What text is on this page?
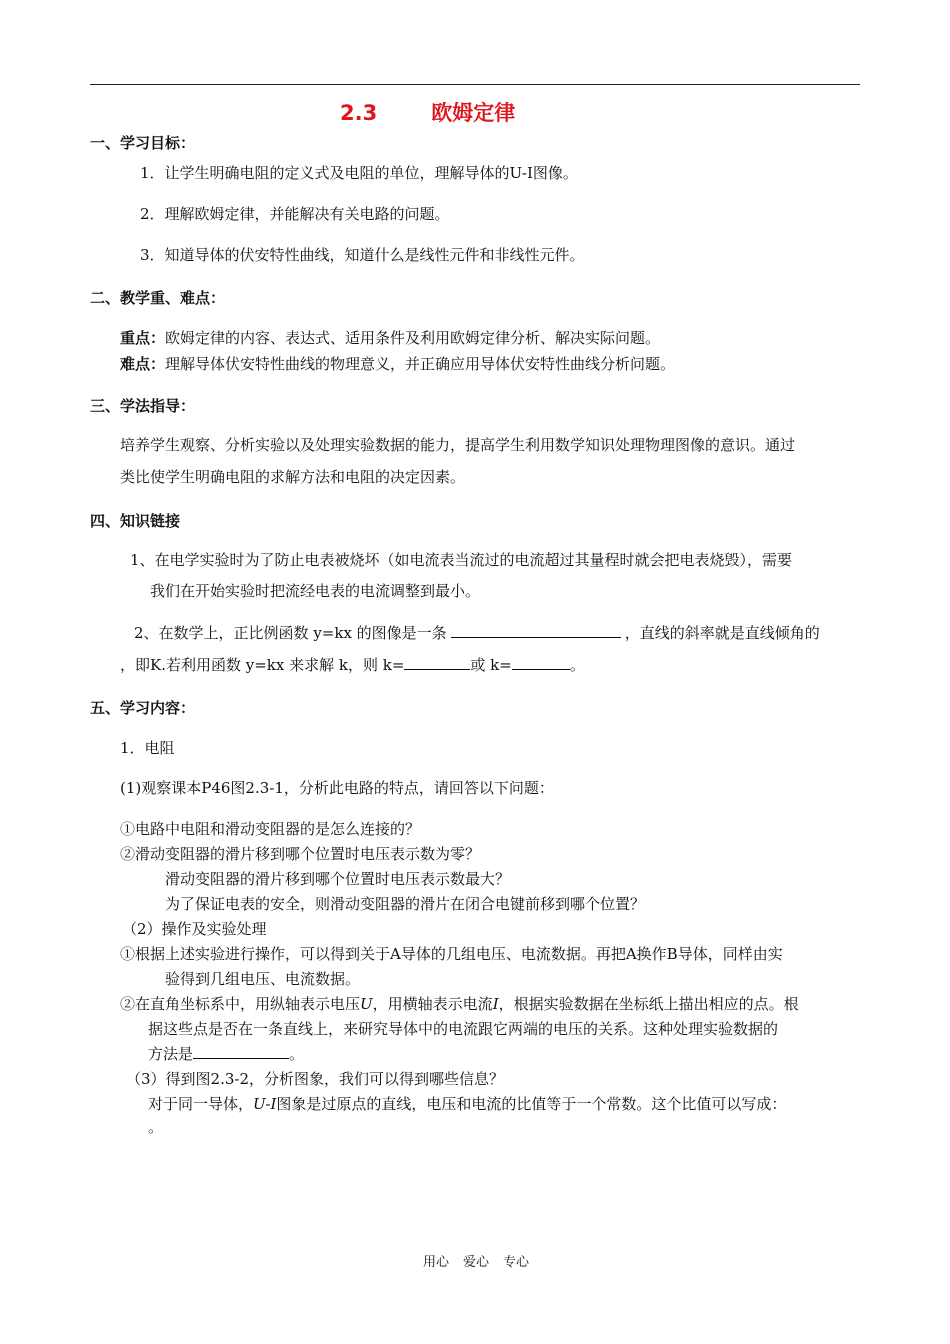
2.3	欧姆定律
一、学习目标：
1．让学生明确电阻的定义式及电阻的单位，理解导体的U-I图像。
2．理解欧姆定律，并能解决有关电路的问题。
3．知道导体的伏安特性曲线，知道什么是线性元件和非线性元件。
二、教学重、难点：
重点：欧姆定律的内容、表达式、适用条件及利用欧姆定律分析、解决实际问题。
难点：理解导体伏安特性曲线的物理意义，并正确应用导体伏安特性曲线分析问题。
三、学法指导：
培养学生观察、分析实验以及处理实验数据的能力，提高学生利用数学知识处理物理图像的意识。通过
类比使学生明确电阻的求解方法和电阻的决定因素。
四、知识链接
1、在电学实验时为了防止电表被烧坏（如电流表当流过的电流超过其量程时就会把电表烧毁），需要
我们在开始实验时把流经电表的电流调整到最小。
2、在数学上，正比例函数 y=kx 的图像是一条	，直线的斜率就是直线倾角的
，即K.若利用函数 y=kx 来求解 k，则 k=	或 k=	。
五、学习内容：
1．电阻
(1)观察课本P46图2.3-1，分析此电路的特点，请回答以下问题：
①电路中电阻和滑动变阻器的是怎么连接的？
②滑动变阻器的滑片移到哪个位置时电压表示数为零？
滑动变阻器的滑片移到哪个位置时电压表示数最大？
为了保证电表的安全，则滑动变阻器的滑片在闭合电键前移到哪个位置？
（2）操作及实验处理
①根据上述实验进行操作，可以得到关于A导体的几组电压、电流数据。再把A换作B导体，同样由实
验得到几组电压、电流数据。
②在直角坐标系中，用纵轴表示电压U，用横轴表示电流I，根据实验数据在坐标纸上描出相应的点。根
据这些点是否在一条直线上，来研究导体中的电流跟它两端的电压的关系。这种处理实验数据的
方法是	。
（3）得到图2.3-2，分析图象，我们可以得到哪些信息？
对于同一导体，U-I图象是过原点的直线，电压和电流的比值等于一个常数。这个比值可以写成：
。
用心 爱心 专心
